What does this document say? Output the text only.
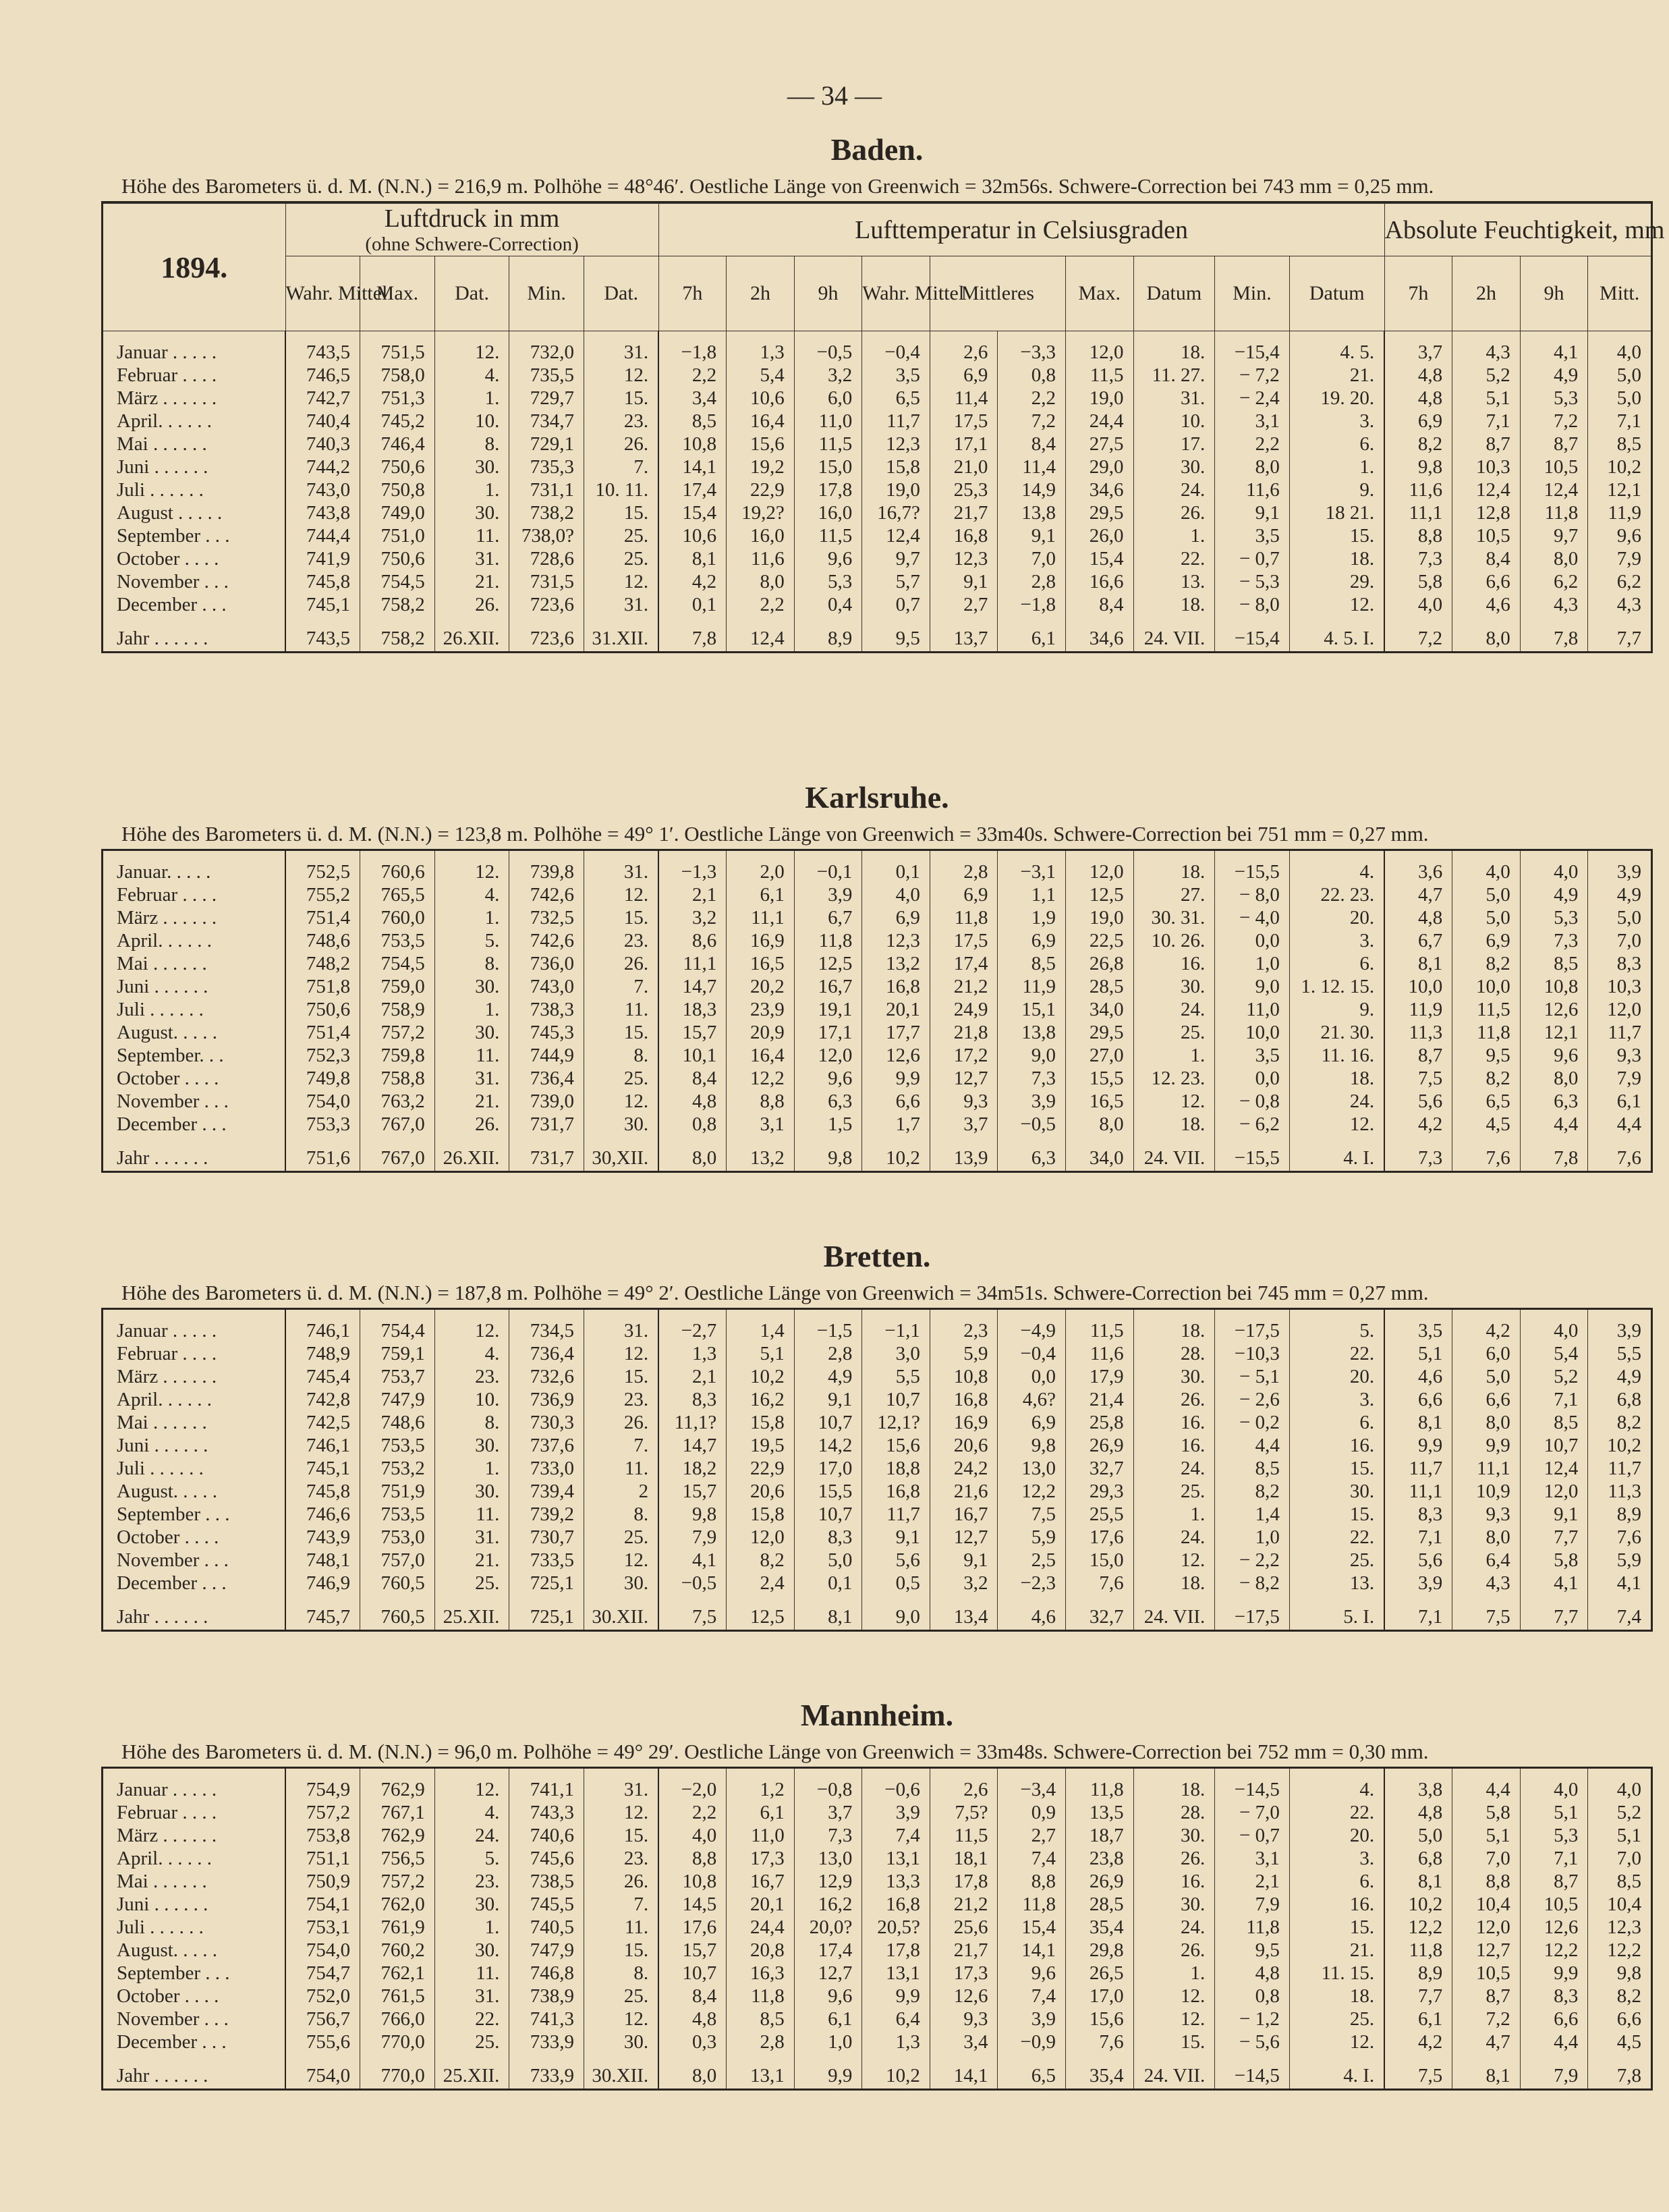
— 34 —
Baden.
Höhe des Barometers ü. d. M. (N.N.) = 216,9 m. Polhöhe = 48°46′. Oestliche Länge von Greenwich = 32m56s. Schwere-Correction bei 743 mm = 0,25 mm.
1894.	Luftdruck in mm
(ohne Schwere-Correction)					Lufttemperatur in Celsiusgraden										Absolute Feuchtigkeit, mm			
	Wahr. Mittel	Max.	Dat.	Min.	Dat.	7h	2h	9h	Wahr. Mittel	Mittleres		Max.	Datum	Min.	Datum	7h	2h	9h	Mitt.

Januar . . . . .	743,5	751,5	12.	732,0	31.	−1,8	1,3	−0,5	−0,4	2,6	−3,3	12,0	18.	−15,4	4. 5.	3,7	4,3	4,1	4,0
Februar . . . .	746,5	758,0	4.	735,5	12.	2,2	5,4	3,2	3,5	6,9	0,8	11,5	11. 27.	− 7,2	21.	4,8	5,2	4,9	5,0
März . . . . . .	742,7	751,3	1.	729,7	15.	3,4	10,6	6,0	6,5	11,4	2,2	19,0	31.	− 2,4	19. 20.	4,8	5,1	5,3	5,0
April. . . . . .	740,4	745,2	10.	734,7	23.	8,5	16,4	11,0	11,7	17,5	7,2	24,4	10.	3,1	3.	6,9	7,1	7,2	7,1
Mai . . . . . .	740,3	746,4	8.	729,1	26.	10,8	15,6	11,5	12,3	17,1	8,4	27,5	17.	2,2	6.	8,2	8,7	8,7	8,5
Juni . . . . . .	744,2	750,6	30.	735,3	7.	14,1	19,2	15,0	15,8	21,0	11,4	29,0	30.	8,0	1.	9,8	10,3	10,5	10,2
Juli . . . . . .	743,0	750,8	1.	731,1	10. 11.	17,4	22,9	17,8	19,0	25,3	14,9	34,6	24.	11,6	9.	11,6	12,4	12,4	12,1
August . . . . .	743,8	749,0	30.	738,2	15.	15,4	19,2?	16,0	16,7?	21,7	13,8	29,5	26.	9,1	18 21.	11,1	12,8	11,8	11,9
September . . .	744,4	751,0	11.	738,0?	25.	10,6	16,0	11,5	12,4	16,8	9,1	26,0	1.	3,5	15.	8,8	10,5	9,7	9,6
October . . . .	741,9	750,6	31.	728,6	25.	8,1	11,6	9,6	9,7	12,3	7,0	15,4	22.	− 0,7	18.	7,3	8,4	8,0	7,9
November . . .	745,8	754,5	21.	731,5	12.	4,2	8,0	5,3	5,7	9,1	2,8	16,6	13.	− 5,3	29.	5,8	6,6	6,2	6,2
December . . .	745,1	758,2	26.	723,6	31.	0,1	2,2	0,4	0,7	2,7	−1,8	8,4	18.	− 8,0	12.	4,0	4,6	4,3	4,3
Jahr . . . . . .	743,5	758,2	26.XII.	723,6	31.XII.	7,8	12,4	8,9	9,5	13,7	6,1	34,6	24. VII.	−15,4	4. 5. I.	7,2	8,0	7,8	7,7
Karlsruhe.
Höhe des Barometers ü. d. M. (N.N.) = 123,8 m. Polhöhe = 49° 1′. Oestliche Länge von Greenwich = 33m40s. Schwere-Correction bei 751 mm = 0,27 mm.

Januar. . . . .	752,5	760,6	12.	739,8	31.	−1,3	2,0	−0,1	0,1	2,8	−3,1	12,0	18.	−15,5	4.	3,6	4,0	4,0	3,9
Februar . . . .	755,2	765,5	4.	742,6	12.	2,1	6,1	3,9	4,0	6,9	1,1	12,5	27.	− 8,0	22. 23.	4,7	5,0	4,9	4,9
März . . . . . .	751,4	760,0	1.	732,5	15.	3,2	11,1	6,7	6,9	11,8	1,9	19,0	30. 31.	− 4,0	20.	4,8	5,0	5,3	5,0
April. . . . . .	748,6	753,5	5.	742,6	23.	8,6	16,9	11,8	12,3	17,5	6,9	22,5	10. 26.	0,0	3.	6,7	6,9	7,3	7,0
Mai . . . . . .	748,2	754,5	8.	736,0	26.	11,1	16,5	12,5	13,2	17,4	8,5	26,8	16.	1,0	6.	8,1	8,2	8,5	8,3
Juni . . . . . .	751,8	759,0	30.	743,0	7.	14,7	20,2	16,7	16,8	21,2	11,9	28,5	30.	9,0	1. 12. 15.	10,0	10,0	10,8	10,3
Juli . . . . . .	750,6	758,9	1.	738,3	11.	18,3	23,9	19,1	20,1	24,9	15,1	34,0	24.	11,0	9.	11,9	11,5	12,6	12,0
August. . . . .	751,4	757,2	30.	745,3	15.	15,7	20,9	17,1	17,7	21,8	13,8	29,5	25.	10,0	21. 30.	11,3	11,8	12,1	11,7
September. . .	752,3	759,8	11.	744,9	8.	10,1	16,4	12,0	12,6	17,2	9,0	27,0	1.	3,5	11. 16.	8,7	9,5	9,6	9,3
October . . . .	749,8	758,8	31.	736,4	25.	8,4	12,2	9,6	9,9	12,7	7,3	15,5	12. 23.	0,0	18.	7,5	8,2	8,0	7,9
November . . .	754,0	763,2	21.	739,0	12.	4,8	8,8	6,3	6,6	9,3	3,9	16,5	12.	− 0,8	24.	5,6	6,5	6,3	6,1
December . . .	753,3	767,0	26.	731,7	30.	0,8	3,1	1,5	1,7	3,7	−0,5	8,0	18.	− 6,2	12.	4,2	4,5	4,4	4,4
Jahr . . . . . .	751,6	767,0	26.XII.	731,7	30,XII.	8,0	13,2	9,8	10,2	13,9	6,3	34,0	24. VII.	−15,5	4. I.	7,3	7,6	7,8	7,6
Bretten.
Höhe des Barometers ü. d. M. (N.N.) = 187,8 m. Polhöhe = 49° 2′. Oestliche Länge von Greenwich = 34m51s. Schwere-Correction bei 745 mm = 0,27 mm.

Januar . . . . .	746,1	754,4	12.	734,5	31.	−2,7	1,4	−1,5	−1,1	2,3	−4,9	11,5	18.	−17,5	5.	3,5	4,2	4,0	3,9
Februar . . . .	748,9	759,1	4.	736,4	12.	1,3	5,1	2,8	3,0	5,9	−0,4	11,6	28.	−10,3	22.	5,1	6,0	5,4	5,5
März . . . . . .	745,4	753,7	23.	732,6	15.	2,1	10,2	4,9	5,5	10,8	0,0	17,9	30.	− 5,1	20.	4,6	5,0	5,2	4,9
April. . . . . .	742,8	747,9	10.	736,9	23.	8,3	16,2	9,1	10,7	16,8	4,6?	21,4	26.	− 2,6	3.	6,6	6,6	7,1	6,8
Mai . . . . . .	742,5	748,6	8.	730,3	26.	11,1?	15,8	10,7	12,1?	16,9	6,9	25,8	16.	− 0,2	6.	8,1	8,0	8,5	8,2
Juni . . . . . .	746,1	753,5	30.	737,6	7.	14,7	19,5	14,2	15,6	20,6	9,8	26,9	16.	4,4	16.	9,9	9,9	10,7	10,2
Juli . . . . . .	745,1	753,2	1.	733,0	11.	18,2	22,9	17,0	18,8	24,2	13,0	32,7	24.	8,5	15.	11,7	11,1	12,4	11,7
August. . . . .	745,8	751,9	30.	739,4	2	15,7	20,6	15,5	16,8	21,6	12,2	29,3	25.	8,2	30.	11,1	10,9	12,0	11,3
September . . .	746,6	753,5	11.	739,2	8.	9,8	15,8	10,7	11,7	16,7	7,5	25,5	1.	1,4	15.	8,3	9,3	9,1	8,9
October . . . .	743,9	753,0	31.	730,7	25.	7,9	12,0	8,3	9,1	12,7	5,9	17,6	24.	1,0	22.	7,1	8,0	7,7	7,6
November . . .	748,1	757,0	21.	733,5	12.	4,1	8,2	5,0	5,6	9,1	2,5	15,0	12.	− 2,2	25.	5,6	6,4	5,8	5,9
December . . .	746,9	760,5	25.	725,1	30.	−0,5	2,4	0,1	0,5	3,2	−2,3	7,6	18.	− 8,2	13.	3,9	4,3	4,1	4,1
Jahr . . . . . .	745,7	760,5	25.XII.	725,1	30.XII.	7,5	12,5	8,1	9,0	13,4	4,6	32,7	24. VII.	−17,5	5. I.	7,1	7,5	7,7	7,4
Mannheim.
Höhe des Barometers ü. d. M. (N.N.) = 96,0 m. Polhöhe = 49° 29′. Oestliche Länge von Greenwich = 33m48s. Schwere-Correction bei 752 mm = 0,30 mm.

Januar . . . . .	754,9	762,9	12.	741,1	31.	−2,0	1,2	−0,8	−0,6	2,6	−3,4	11,8	18.	−14,5	4.	3,8	4,4	4,0	4,0
Februar . . . .	757,2	767,1	4.	743,3	12.	2,2	6,1	3,7	3,9	7,5?	0,9	13,5	28.	− 7,0	22.	4,8	5,8	5,1	5,2
März . . . . . .	753,8	762,9	24.	740,6	15.	4,0	11,0	7,3	7,4	11,5	2,7	18,7	30.	− 0,7	20.	5,0	5,1	5,3	5,1
April. . . . . .	751,1	756,5	5.	745,6	23.	8,8	17,3	13,0	13,1	18,1	7,4	23,8	26.	3,1	3.	6,8	7,0	7,1	7,0
Mai . . . . . .	750,9	757,2	23.	738,5	26.	10,8	16,7	12,9	13,3	17,8	8,8	26,9	16.	2,1	6.	8,1	8,8	8,7	8,5
Juni . . . . . .	754,1	762,0	30.	745,5	7.	14,5	20,1	16,2	16,8	21,2	11,8	28,5	30.	7,9	16.	10,2	10,4	10,5	10,4
Juli . . . . . .	753,1	761,9	1.	740,5	11.	17,6	24,4	20,0?	20,5?	25,6	15,4	35,4	24.	11,8	15.	12,2	12,0	12,6	12,3
August. . . . .	754,0	760,2	30.	747,9	15.	15,7	20,8	17,4	17,8	21,7	14,1	29,8	26.	9,5	21.	11,8	12,7	12,2	12,2
September . . .	754,7	762,1	11.	746,8	8.	10,7	16,3	12,7	13,1	17,3	9,6	26,5	1.	4,8	11. 15.	8,9	10,5	9,9	9,8
October . . . .	752,0	761,5	31.	738,9	25.	8,4	11,8	9,6	9,9	12,6	7,4	17,0	12.	0,8	18.	7,7	8,7	8,3	8,2
November . . .	756,7	766,0	22.	741,3	12.	4,8	8,5	6,1	6,4	9,3	3,9	15,6	12.	− 1,2	25.	6,1	7,2	6,6	6,6
December . . .	755,6	770,0	25.	733,9	30.	0,3	2,8	1,0	1,3	3,4	−0,9	7,6	15.	− 5,6	12.	4,2	4,7	4,4	4,5
Jahr . . . . . .	754,0	770,0	25.XII.	733,9	30.XII.	8,0	13,1	9,9	10,2	14,1	6,5	35,4	24. VII.	−14,5	4. I.	7,5	8,1	7,9	7,8
